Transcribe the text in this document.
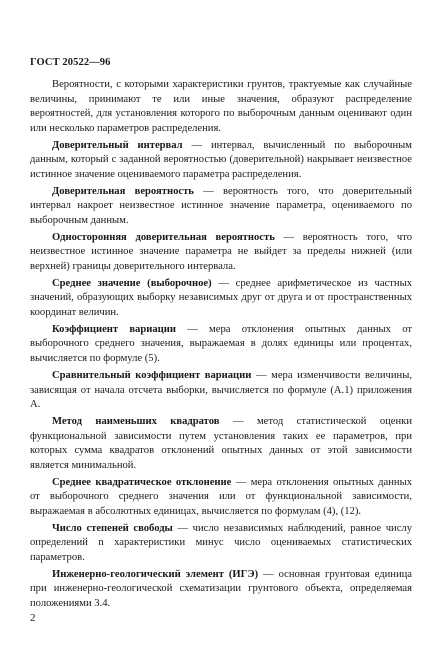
ГОСТ 20522—96

Вероятности, с которыми характеристики грунтов, трактуемые как случайные величины, принимают те или иные значения, образуют распределение вероятностей, для установления которого по выборочным данным оценивают один или несколько параметров распределения.

Доверительный интервал — интервал, вычисленный по выборочным данным, который с заданной вероятностью (доверительной) накрывает неизвестное истинное значение оцениваемого параметра распределения.

Доверительная вероятность — вероятность того, что доверительный интервал накроет неизвестное истинное значение параметра, оцениваемого по выборочным данным.

Односторонняя доверительная вероятность — вероятность того, что неизвестное истинное значение параметра не выйдет за пределы нижней (или верхней) границы доверительного интервала.

Среднее значение (выборочное) — среднее арифметическое из частных значений, образующих выборку независимых друг от друга и от пространственных координат величин.

Коэффициент вариации — мера отклонения опытных данных от выборочного среднего значения, выражаемая в долях единицы или процентах, вычисляется по формуле (5).

Сравнительный коэффициент вариации — мера изменчивости величины, зависящая от начала отсчета выборки, вычисляется по формуле (А.1) приложения А.

Метод наименьших квадратов — метод статистической оценки функциональной зависимости путем установления таких ее параметров, при которых сумма квадратов отклонений опытных данных от этой зависимости является минимальной.

Среднее квадратическое отклонение — мера отклонения опытных данных от выборочного среднего значения или от функциональной зависимости, выражаемая в абсолютных единицах, вычисляется по формулам (4), (12).

Число степеней свободы — число независимых наблюдений, равное числу определений n характеристики минус число оцениваемых статистических параметров.

Инженерно-геологический элемент (ИГЭ) — основная грунтовая единица при инженерно-геологической схематизации грунтового объекта, определяемая положениями 3.4.

2
